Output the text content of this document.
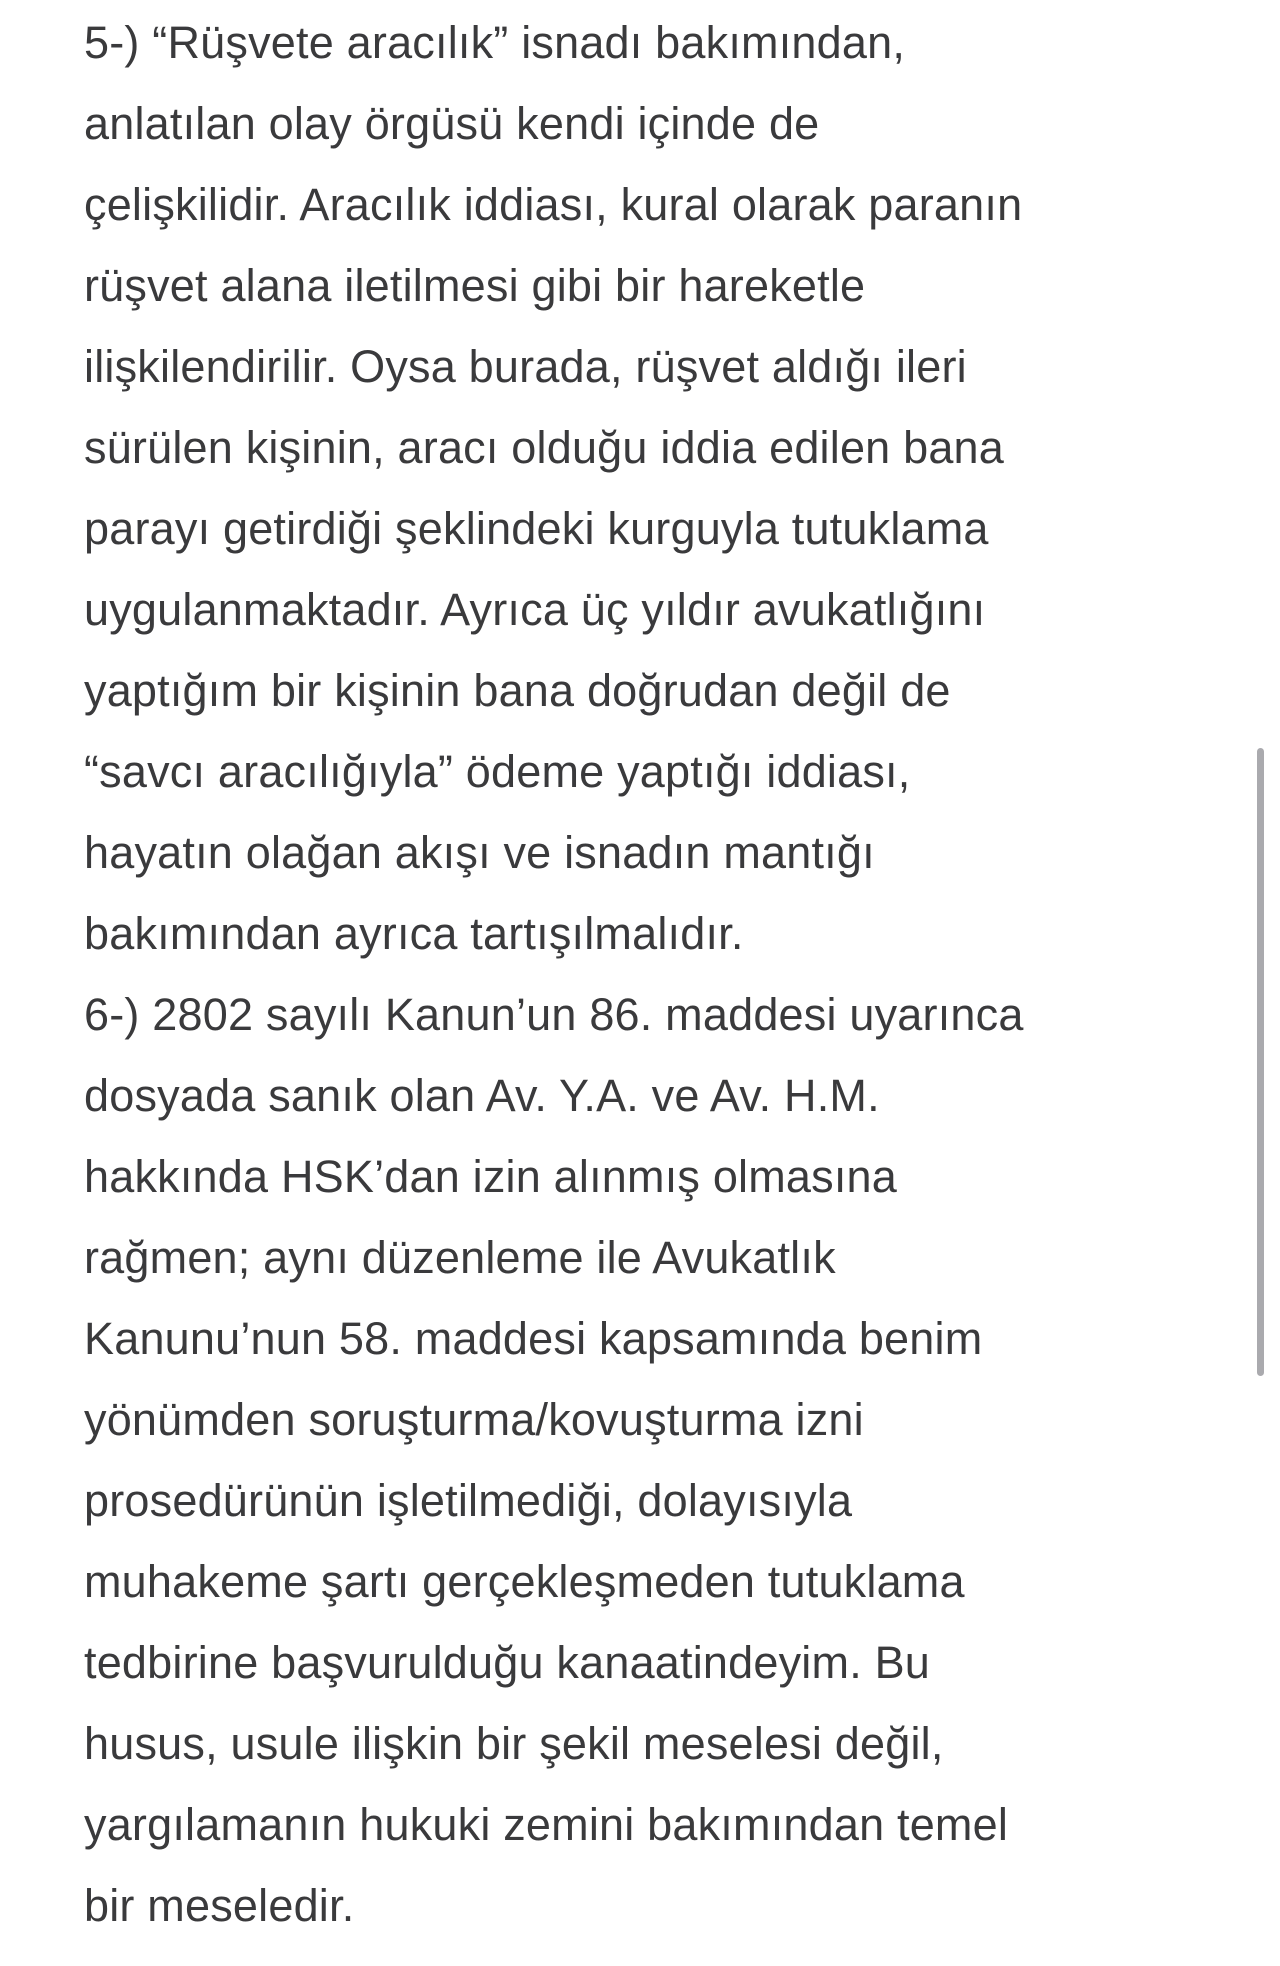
5-) “Rüşvete aracılık” isnadı bakımından,
anlatılan olay örgüsü kendi içinde de
çelişkilidir. Aracılık iddiası, kural olarak paranın
rüşvet alana iletilmesi gibi bir hareketle
ilişkilendirilir. Oysa burada, rüşvet aldığı ileri
sürülen kişinin, aracı olduğu iddia edilen bana
parayı getirdiği şeklindeki kurguyla tutuklama
uygulanmaktadır. Ayrıca üç yıldır avukatlığını
yaptığım bir kişinin bana doğrudan değil de
“savcı aracılığıyla” ödeme yaptığı iddiası,
hayatın olağan akışı ve isnadın mantığı
bakımından ayrıca tartışılmalıdır.
6-) 2802 sayılı Kanun’un 86. maddesi uyarınca
dosyada sanık olan Av. Y.A. ve Av. H.M.
hakkında HSK’dan izin alınmış olmasına
rağmen; aynı düzenleme ile Avukatlık
Kanunu’nun 58. maddesi kapsamında benim
yönümden soruşturma/kovuşturma izni
prosedürünün işletilmediği, dolayısıyla
muhakeme şartı gerçekleşmeden tutuklama
tedbirine başvurulduğu kanaatindeyim. Bu
husus, usule ilişkin bir şekil meselesi değil,
yargılamanın hukuki zemini bakımından temel
bir meseledir.
